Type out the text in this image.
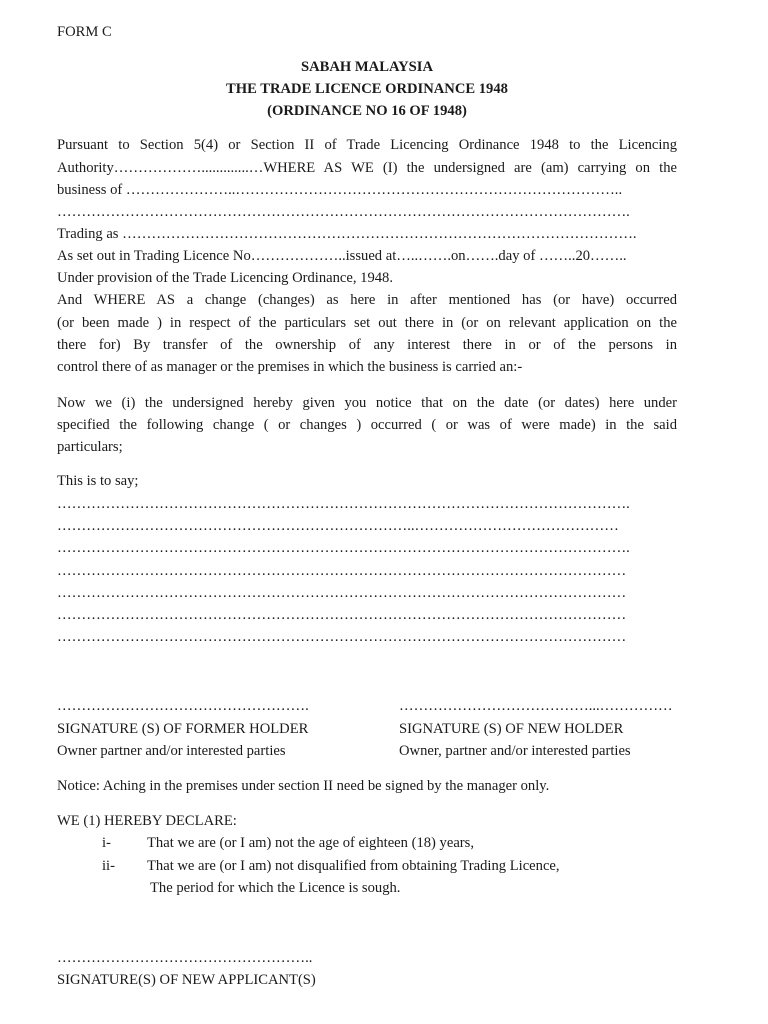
FORM C
SABAH MALAYSIA
THE TRADE LICENCE ORDINANCE 1948
(ORDINANCE NO 16 OF 1948)
Pursuant to Section 5(4) or Section II of Trade Licencing Ordinance 1948 to the Licencing
Authority……………….............…WHERE AS WE (I) the undersigned are (am) carrying on the
business of …………………..……………………………………………………………………..
……………………………………………………………………………………………………….
Trading as …………………………………………………………………………………………….
As set out in Trading Licence No………………..issued at…..…….on…….day of ……..20……..
Under provision of the Trade Licencing Ordinance, 1948.
And WHERE AS a change (changes) as here in after mentioned has (or have) occurred
(or been made ) in respect of the particulars set out there in (or on relevant application on the
there for) By transfer of the ownership of any interest there in or of the persons in
control there of as manager or the premises in which the business is carried an:-
Now we (i) the undersigned hereby given you notice that on the date (or dates) here under
specified the following change ( or changes ) occurred ( or was of were made) in the said
particulars;
This is to say;
……………………………………………………………………………………………………….
………………………………………………………………..……………………………………
……………………………………………………………………………………………………….
………………………………………………………………………………………………………
………………………………………………………………………………………………………
………………………………………………………………………………………………………
………………………………………………………………………………………………………
…………………………………………….	…………………………………...……………
SIGNATURE (S) OF FORMER HOLDER	SIGNATURE (S) OF NEW HOLDER
Owner partner and/or interested parties	Owner, partner and/or interested parties
Notice: Aching in the premises under section II need be signed by the manager only.
WE (1) HEREBY DECLARE:
i- That we are (or I am) not the age of eighteen (18) years,
ii- That we are (or I am) not disqualified from obtaining Trading Licence,
The period for which the Licence is sough.
……………………………………………..
SIGNATURE(S) OF NEW APPLICANT(S)
